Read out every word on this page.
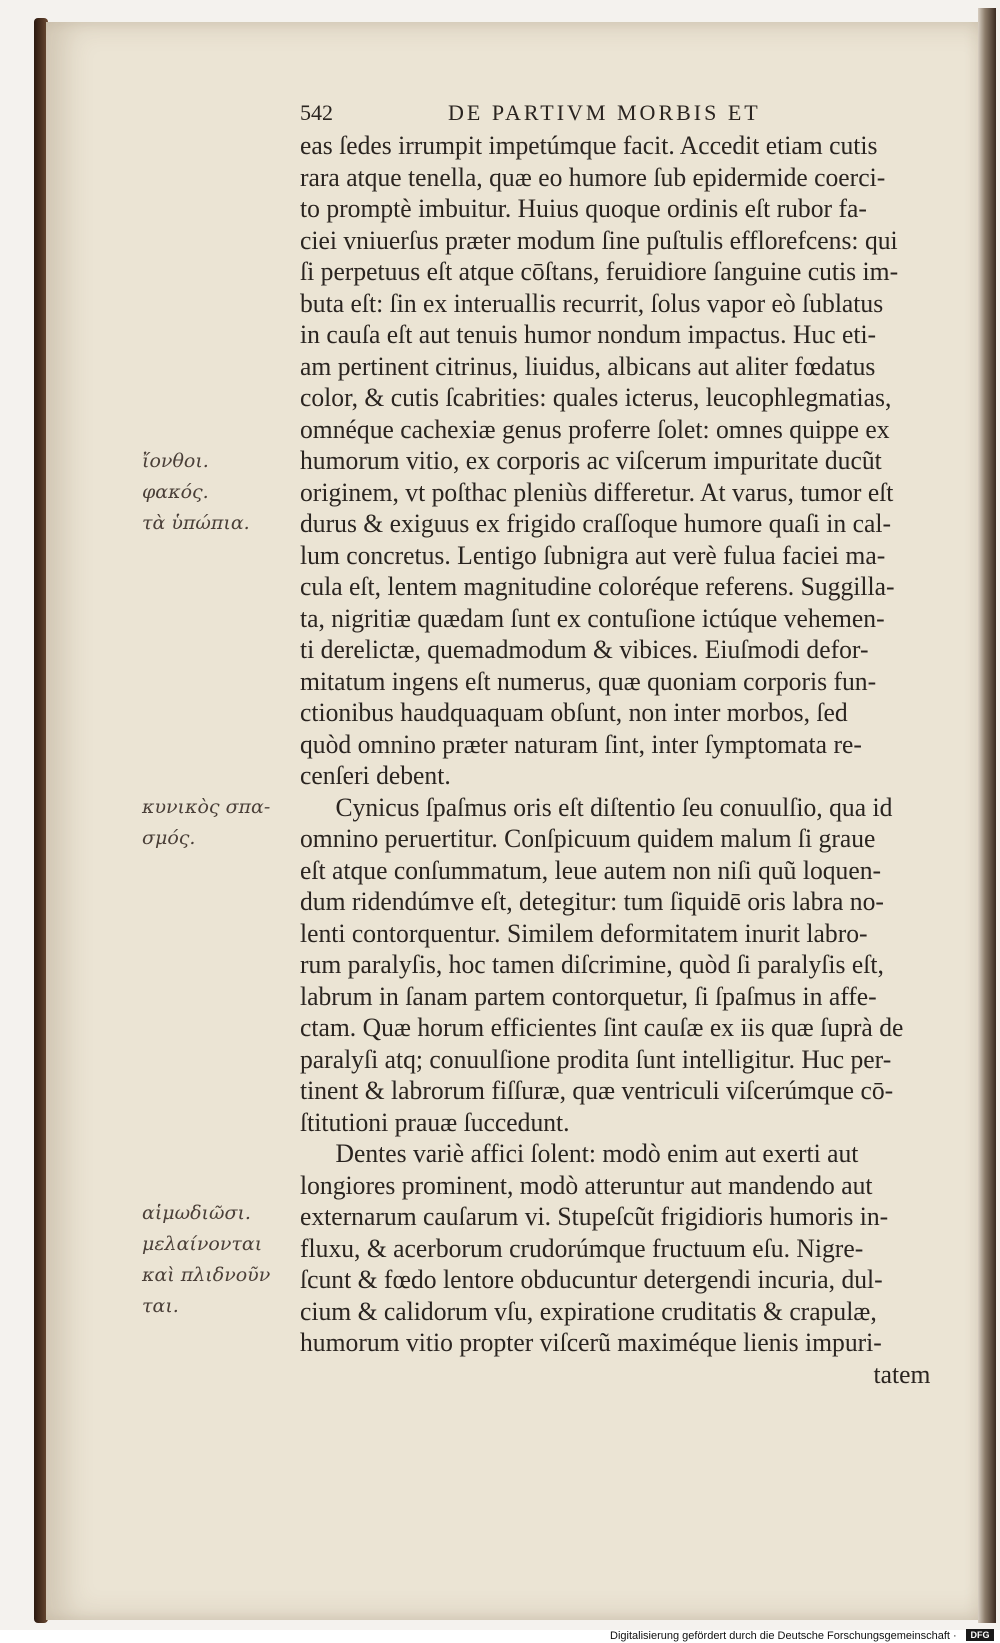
542	DE PARTIVM MORBIS ET
ἴονθοι.
φακός.
τὰ ὑπώπια.
κυνικὸς σπα-
σμός.
αἱμωδιῶσι.
μελαίνονται
καὶ πλιδνοῦν
ται.
eas ſedes irrumpit impetúmque facit. Accedit etiam cutis
rara atque tenella, quæ eo humore ſub epidermide coerci-
to promptè imbuitur. Huius quoque ordinis eſt rubor fa-
ciei vniuerſus præter modum ſine puſtulis efflorefcens: qui
ſi perpetuus eſt atque cōſtans, feruidiore ſanguine cutis im-
buta eſt: ſin ex interuallis recurrit, ſolus vapor eò ſublatus
in cauſa eſt aut tenuis humor nondum impactus. Huc eti-
am pertinent citrinus, liuidus, albicans aut aliter fœdatus
color, & cutis ſcabrities: quales icterus, leucophlegmatias,
omnéque cachexiæ genus proferre ſolet: omnes quippe ex
humorum vitio, ex corporis ac viſcerum impuritate ducũt
originem, vt poſthac pleniùs differetur. At varus, tumor eſt
durus & exiguus ex frigido craſſoque humore quaſi in cal-
lum concretus. Lentigo ſubnigra aut verè fulua faciei ma-
cula eſt, lentem magnitudine coloréque referens. Suggilla-
ta, nigritiæ quædam ſunt ex contuſione ictúque vehemen-
ti derelictæ, quemadmodum & vibices. Eiuſmodi defor-
mitatum ingens eſt numerus, quæ quoniam corporis fun-
ctionibus haudquaquam obſunt, non inter morbos, ſed
quòd omnino præter naturam ſint, inter ſymptomata re-
cenſeri debent.
Cynicus ſpaſmus oris eſt diſtentio ſeu conuulſio, qua id
omnino peruertitur. Conſpicuum quidem malum ſi graue
eſt atque conſummatum, leue autem non niſi quũ loquen-
dum ridendúmve eſt, detegitur: tum ſiquidē oris labra no-
lenti contorquentur. Similem deformitatem inurit labro-
rum paralyſis, hoc tamen diſcrimine, quòd ſi paralyſis eſt,
labrum in ſanam partem contorquetur, ſi ſpaſmus in affe-
ctam. Quæ horum efficientes ſint cauſæ ex iis quæ ſuprà de
paralyſi atq; conuulſione prodita ſunt intelligitur. Huc per-
tinent & labrorum fiſſuræ, quæ ventriculi viſcerúmque cō-
ſtitutioni prauæ ſuccedunt.
Dentes variè affici ſolent: modò enim aut exerti aut
longiores prominent, modò atteruntur aut mandendo aut
externarum cauſarum vi. Stupeſcũt frigidioris humoris in-
fluxu, & acerborum crudorúmque fructuum eſu. Nigre-
ſcunt & fœdo lentore obducuntur detergendi incuria, dul-
cium & calidorum vſu, expiratione cruditatis & crapulæ,
humorum vitio propter viſcerũ maximéque lienis impuri-
tatem
Digitalisierung gefördert durch die Deutsche Forschungsgemeinschaft ·	DFG
